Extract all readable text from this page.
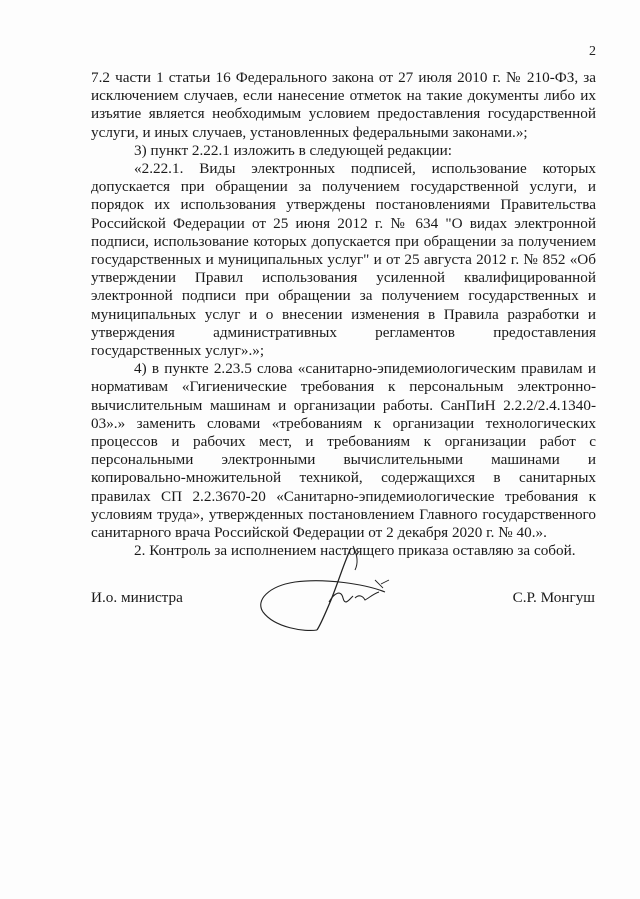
2
7.2 части 1 статьи 16 Федерального закона от 27 июля 2010 г. № 210-ФЗ, за
исключением случаев, если нанесение отметок на такие документы либо их
изъятие является необходимым условием предоставления государственной
услуги, и иных случаев, установленных федеральными законами.»;
3) пункт 2.22.1 изложить в следующей редакции:
«2.22.1. Виды электронных подписей, использование которых
допускается при обращении за получением государственной услуги, и
порядок их использования утверждены постановлениями Правительства
Российской Федерации от 25 июня 2012 г. № 634 "О видах электронной
подписи, использование которых допускается при обращении за получением
государственных и муниципальных услуг" и от 25 августа 2012 г. № 852 «Об
утверждении Правил использования усиленной квалифицированной
электронной подписи при обращении за получением государственных и
муниципальных услуг и о внесении изменения в Правила разработки и
утверждения административных регламентов предоставления
государственных услуг».»;
4) в пункте 2.23.5 слова «санитарно-эпидемиологическим правилам и
нормативам «Гигиенические требования к персональным электронно-
вычислительным машинам и организации работы. СанПиН 2.2.2/2.4.1340-
03».» заменить словами «требованиям к организации технологических
процессов и рабочих мест, и требованиям к организации работ с
персональными электронными вычислительными машинами и
копировально-множительной техникой, содержащихся в санитарных
правилах СП 2.2.3670-20 «Санитарно-эпидемиологические требования к
условиям труда», утвержденных постановлением Главного государственного
санитарного врача Российской Федерации от 2 декабря 2020 г. № 40.».
2. Контроль за исполнением настоящего приказа оставляю за собой.
И.о. министра	С.Р. Монгуш
